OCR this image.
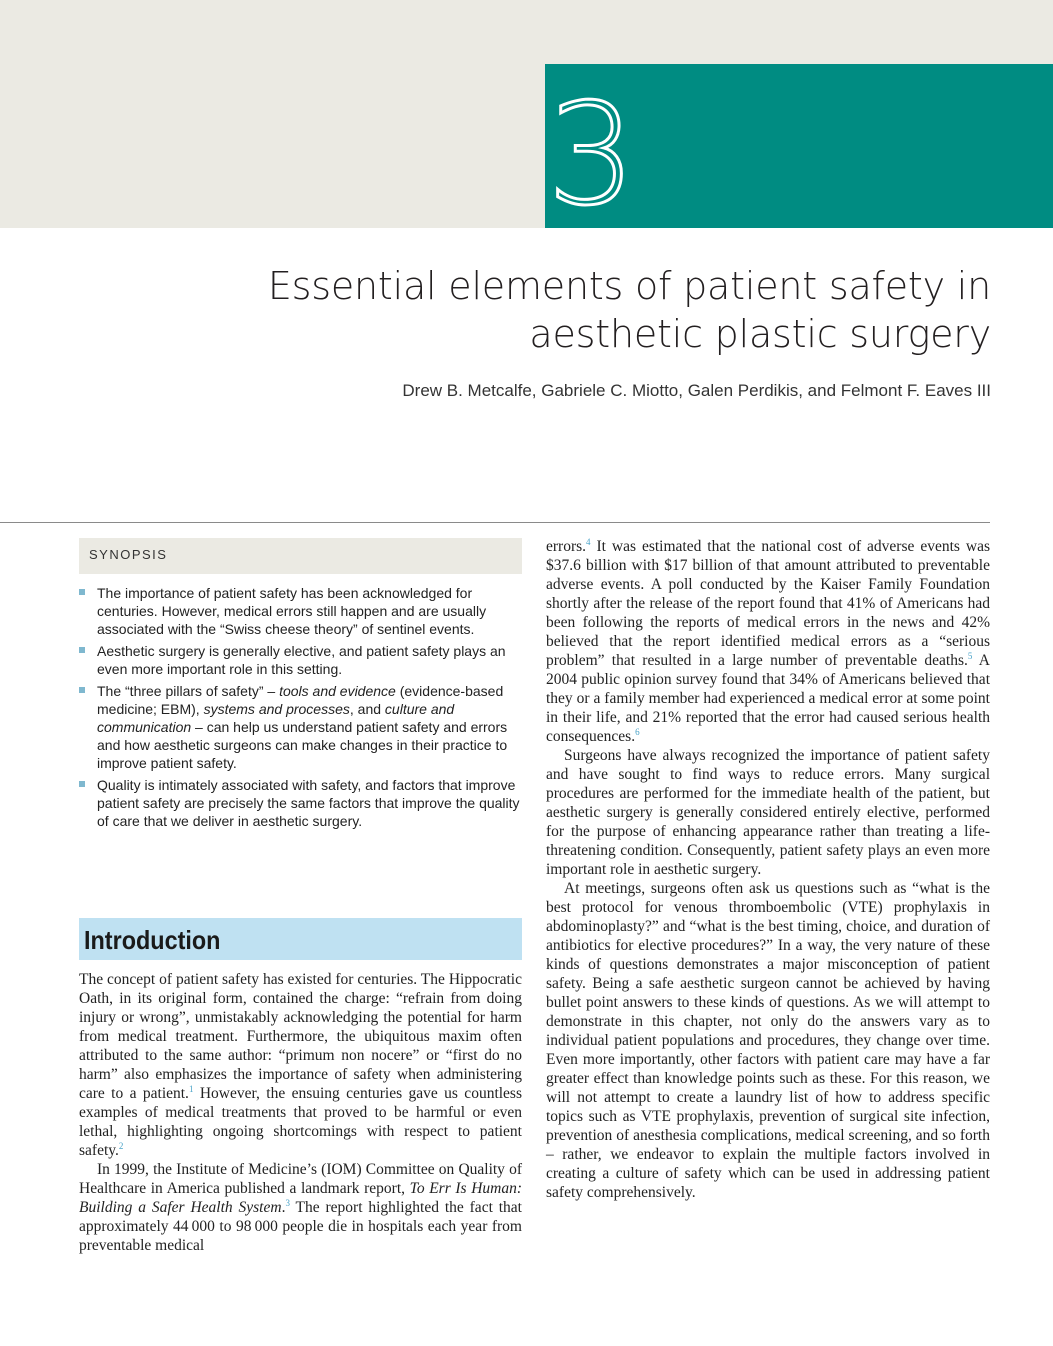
3

Essential elements of patient safety in aesthetic plastic surgery

Drew B. Metcalfe, Gabriele C. Miotto, Galen Perdikis, and Felmont F. Eaves III

SYNOPSIS
The importance of patient safety has been acknowledged for centuries. However, medical errors still happen and are usually associated with the “Swiss cheese theory” of sentinel events.
Aesthetic surgery is generally elective, and patient safety plays an even more important role in this setting.
The “three pillars of safety” – tools and evidence (evidence-based medicine; EBM), systems and processes, and culture and communication – can help us understand patient safety and errors and how aesthetic surgeons can make changes in their practice to improve patient safety.
Quality is intimately associated with safety, and factors that improve patient safety are precisely the same factors that improve the quality of care that we deliver in aesthetic surgery.
Introduction

The concept of patient safety has existed for centuries. The Hippocratic Oath, in its original form, contained the charge: “refrain from doing injury or wrong”, unmistakably acknowledging the potential for harm from medical treatment. Furthermore, the ubiquitous maxim often attributed to the same author: “primum non nocere” or “first do no harm” also emphasizes the importance of safety when administering care to a patient.$^1$ However, the ensuing centuries gave us countless examples of medical treatments that proved to be harmful or even lethal, highlighting ongoing shortcomings with respect to patient safety.$^2$

In 1999, the Institute of Medicine’s (IOM) Committee on Quality of Healthcare in America published a landmark report, To Err Is Human: Building a Safer Health System.$^3$ The report highlighted the fact that approximately 44 000 to 98 000 people die in hospitals each year from preventable medical

errors.$^4$ It was estimated that the national cost of adverse events was $37.6 billion with $17 billion of that amount attributed to preventable adverse events. A poll conducted by the Kaiser Family Foundation shortly after the release of the report found that 41% of Americans had been following the reports of medical errors in the news and 42% believed that the report identified medical errors as a “serious problem” that resulted in a large number of preventable deaths.$^5$ A 2004 public opinion survey found that 34% of Americans believed that they or a family member had experienced a medical error at some point in their life, and 21% reported that the error had caused serious health consequences.$^6$

Surgeons have always recognized the importance of patient safety and have sought to find ways to reduce errors. Many surgical procedures are performed for the immediate health of the patient, but aesthetic surgery is generally considered entirely elective, performed for the purpose of enhancing appearance rather than treating a life-threatening condition. Consequently, patient safety plays an even more important role in aesthetic surgery.

At meetings, surgeons often ask us questions such as “what is the best protocol for venous thromboembolic (VTE) prophylaxis in abdominoplasty?” and “what is the best timing, choice, and duration of antibiotics for elective procedures?” In a way, the very nature of these kinds of questions demonstrates a major misconception of patient safety. Being a safe aesthetic surgeon cannot be achieved by having bullet point answers to these kinds of questions. As we will attempt to demonstrate in this chapter, not only do the answers vary as to individual patient populations and procedures, they change over time. Even more importantly, other factors with patient care may have a far greater effect than knowledge points such as these. For this reason, we will not attempt to create a laundry list of how to address specific topics such as VTE prophylaxis, prevention of surgical site infection, prevention of anesthesia complications, medical screening, and so forth – rather, we endeavor to explain the multiple factors involved in creating a culture of safety which can be used in addressing patient safety comprehensively.
